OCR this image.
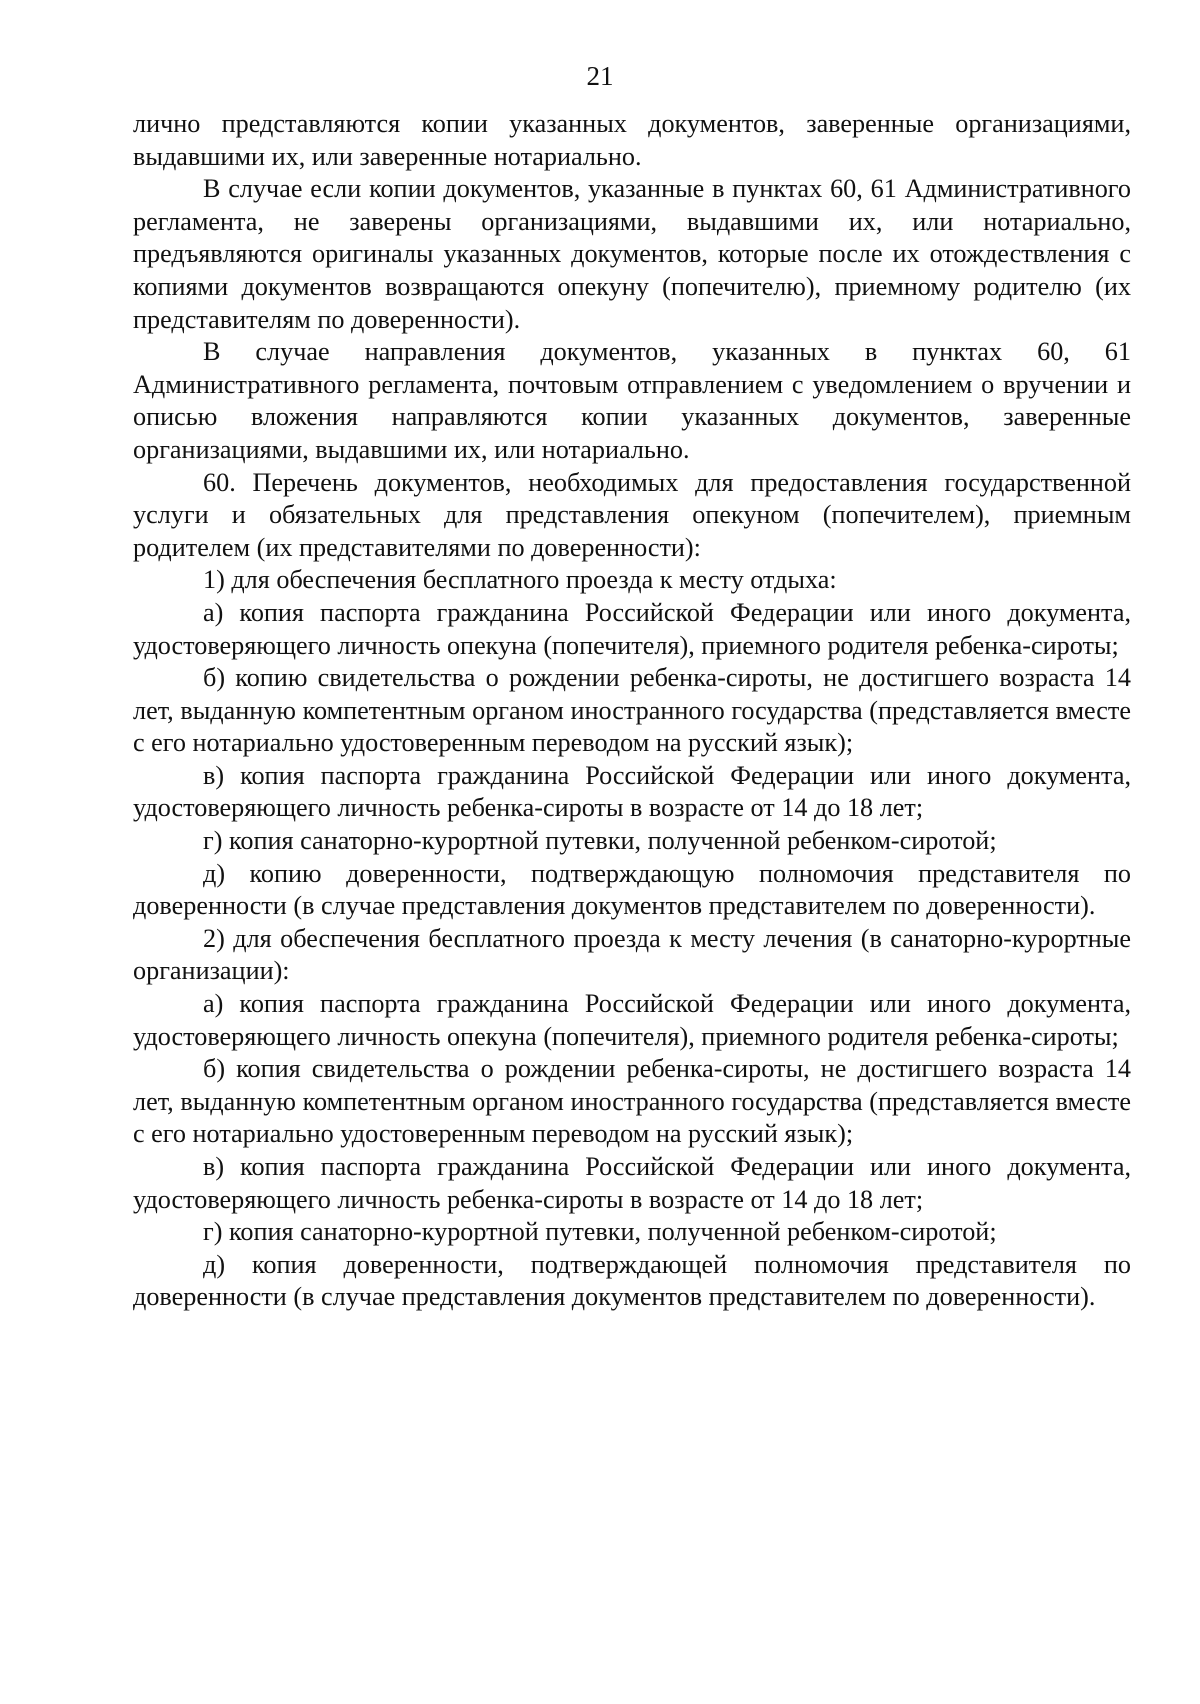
21

лично представляются копии указанных документов, заверенные организациями, выдавшими их, или заверенные нотариально.

В случае если копии документов, указанные в пунктах 60, 61 Административного регламента, не заверены организациями, выдавшими их, или нотариально, предъявляются оригиналы указанных документов, которые после их отождествления с копиями документов возвращаются опекуну (попечителю), приемному родителю (их представителям по доверенности).

В случае направления документов, указанных в пунктах 60, 61 Административного регламента, почтовым отправлением с уведомлением о вручении и описью вложения направляются копии указанных документов, заверенные организациями, выдавшими их, или нотариально.

60. Перечень документов, необходимых для предоставления государственной услуги и обязательных для представления опекуном (попечителем), приемным родителем (их представителями по доверенности):

1) для обеспечения бесплатного проезда к месту отдыха:

а) копия паспорта гражданина Российской Федерации или иного документа, удостоверяющего личность опекуна (попечителя), приемного родителя ребенка-сироты;

б) копию свидетельства о рождении ребенка-сироты, не достигшего возраста 14 лет, выданную компетентным органом иностранного государства (представляется вместе с его нотариально удостоверенным переводом на русский язык);

в) копия паспорта гражданина Российской Федерации или иного документа, удостоверяющего личность ребенка-сироты в возрасте от 14 до 18 лет;

г) копия санаторно-курортной путевки, полученной ребенком-сиротой;

д) копию доверенности, подтверждающую полномочия представителя по доверенности (в случае представления документов представителем по доверенности).

2) для обеспечения бесплатного проезда к месту лечения (в санаторно-курортные организации):

а) копия паспорта гражданина Российской Федерации или иного документа, удостоверяющего личность опекуна (попечителя), приемного родителя ребенка-сироты;

б) копия свидетельства о рождении ребенка-сироты, не достигшего возраста 14 лет, выданную компетентным органом иностранного государства (представляется вместе с его нотариально удостоверенным переводом на русский язык);

в) копия паспорта гражданина Российской Федерации или иного документа, удостоверяющего личность ребенка-сироты в возрасте от 14 до 18 лет;

г) копия санаторно-курортной путевки, полученной ребенком-сиротой;

д) копия доверенности, подтверждающей полномочия представителя по доверенности (в случае представления документов представителем по доверенности).
